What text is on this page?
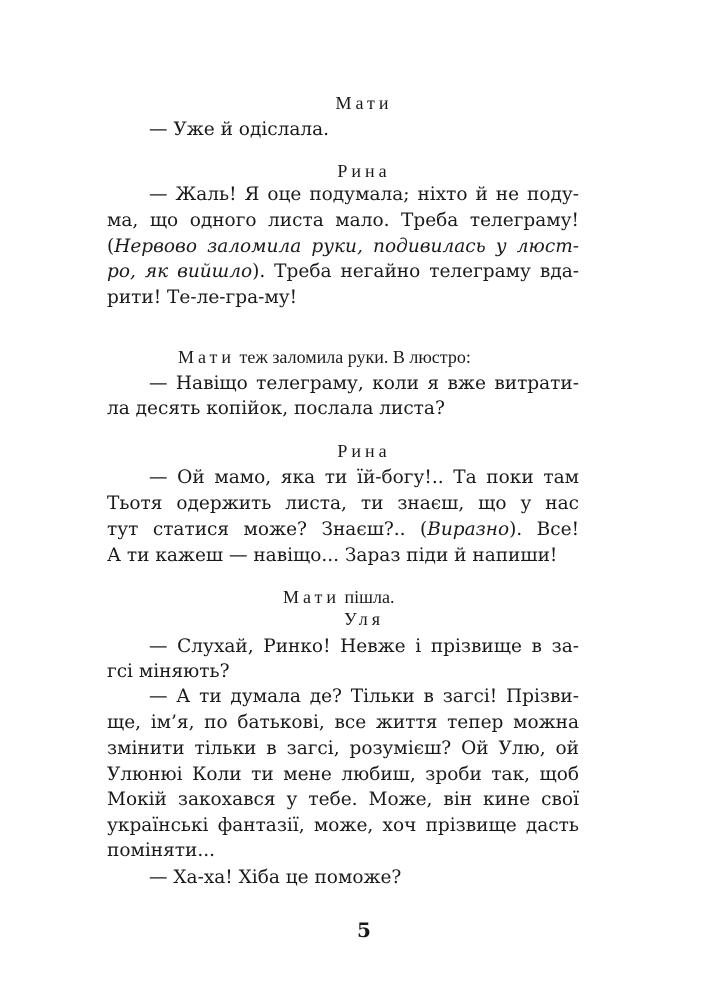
Мати
— Уже й одіслала.
Рина
— Жаль! Я оце подумала; ніхто й не поду-
ма, що одного листа мало. Треба телеграму!
(Нервово заломила руки, подивилась у люст-
ро, як вийшло). Треба негайно телеграму вда-
рити! Те-ле-гра-му!
Мати теж заломила руки. В люстро:
— Навіщо телеграму, коли я вже витрати-
ла десять копійок, послала листа?
Рина
— Ой мамо, яка ти їй-богу!.. Та поки там
Тьотя одержить листа, ти знаєш, що у нас
тут статися може? Знаєш?.. (Виразно). Все!
А ти кажеш — навіщо... Зараз піди й напиши!
Мати пішла.
Уля
— Слухай, Ринко! Невже і прізвище в за-
гсі міняють?
— А ти думала де? Тільки в загсі! Прізви-
ще, ім’я, по батькові, все життя тепер можна
змінити тільки в загсі, розумієш? Ой Улю, ой
Улюнюі Коли ти мене любиш, зроби так, щоб
Мокій закохався у тебе. Може, він кине свої
українські фантазії, може, хоч прізвище дасть
поміняти...
— Ха-ха! Хіба це поможе?
5
